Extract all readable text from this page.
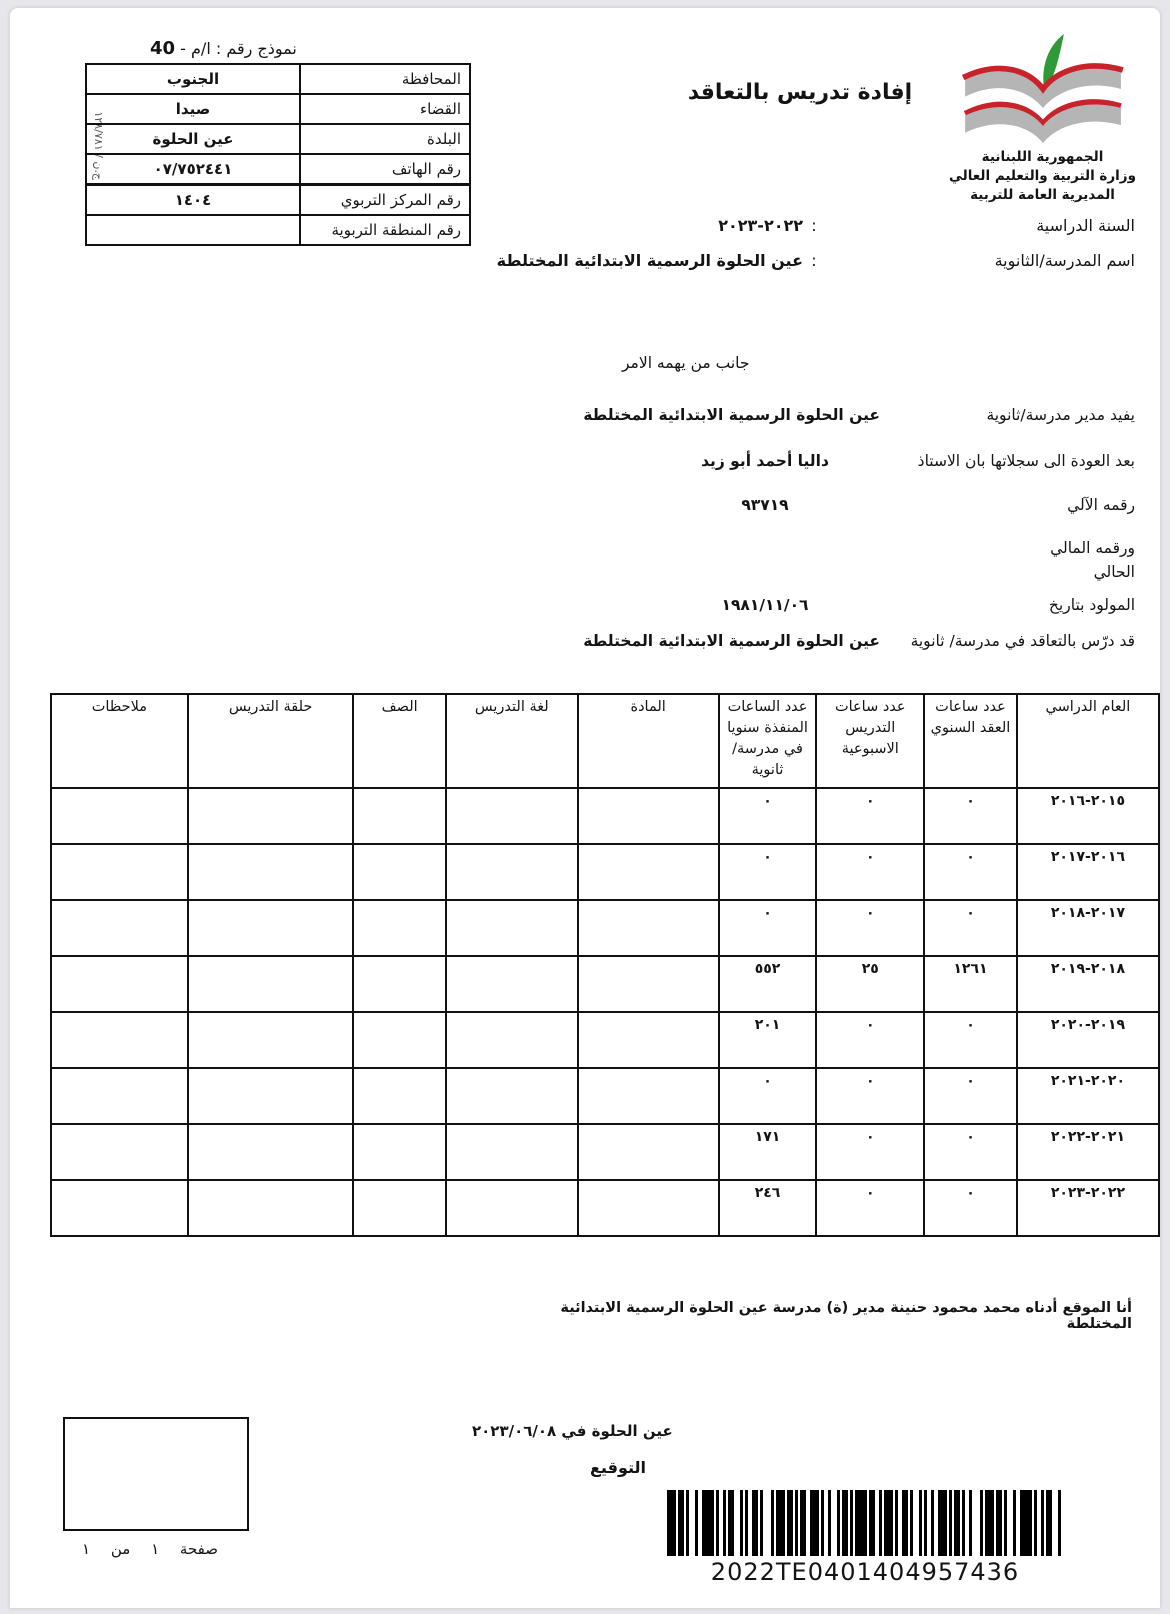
نموذج رقم : ا/م - 40
ج.ن / ١٢٨/٧٨١
المحافظة	الجنوب
القضاء	صيدا
البلدة	عين الحلوة
رقم الهاتف	٠٧/٧٥٢٤٤١
رقم المركز التربوي	١٤٠٤
رقم المنطقة التربوية	
إفادة تدريس بالتعاقد
الجمهورية اللبنانية
وزارة التربية والتعليم العالي
المديرية العامة للتربية
السنة الدراسية
:
٢٠٢٢-٢٠٢٣
اسم المدرسة/الثانوية
:
عين الحلوة الرسمية الابتدائية المختلطة
جانب من يهمه الامر
يفيد مدير مدرسة/ثانوية
عين الحلوة الرسمية الابتدائية المختلطة
بعد العودة الى سجلاتها بان الاستاذ
داليا أحمد أبو زيد
رقمه الآلي
٩٣٧١٩
ورقمه المالي الحالي
المولود بتاريخ
١٩٨١/١١/٠٦
قد درّس بالتعاقد في مدرسة/ ثانوية
عين الحلوة الرسمية الابتدائية المختلطة
العام الدراسي	عدد ساعات العقد السنوي	عدد ساعات التدريس الاسبوعية	عدد الساعات المنفذة سنويا في مدرسة/ثانوية	المادة	لغة التدريس	الصف	حلقة التدريس	ملاحظات
٢٠١٥-٢٠١٦	٠	٠	٠					
٢٠١٦-٢٠١٧	٠	٠	٠					
٢٠١٧-٢٠١٨	٠	٠	٠					
٢٠١٨-٢٠١٩	١٢٦١	٢٥	٥٥٢					
٢٠١٩-٢٠٢٠	٠	٠	٢٠١					
٢٠٢٠-٢٠٢١	٠	٠	٠					
٢٠٢١-٢٠٢٢	٠	٠	١٧١					
٢٠٢٢-٢٠٢٣	٠	٠	٢٤٦					
أنا الموقع أدناه محمد محمود حنينة مدير (ة) مدرسة عين الحلوة الرسمية الابتدائية المختلطة
عين الحلوة في ٢٠٢٣/٠٦/٠٨
التوقيع
صفحة ١ من ١
2022TE0401404957436
